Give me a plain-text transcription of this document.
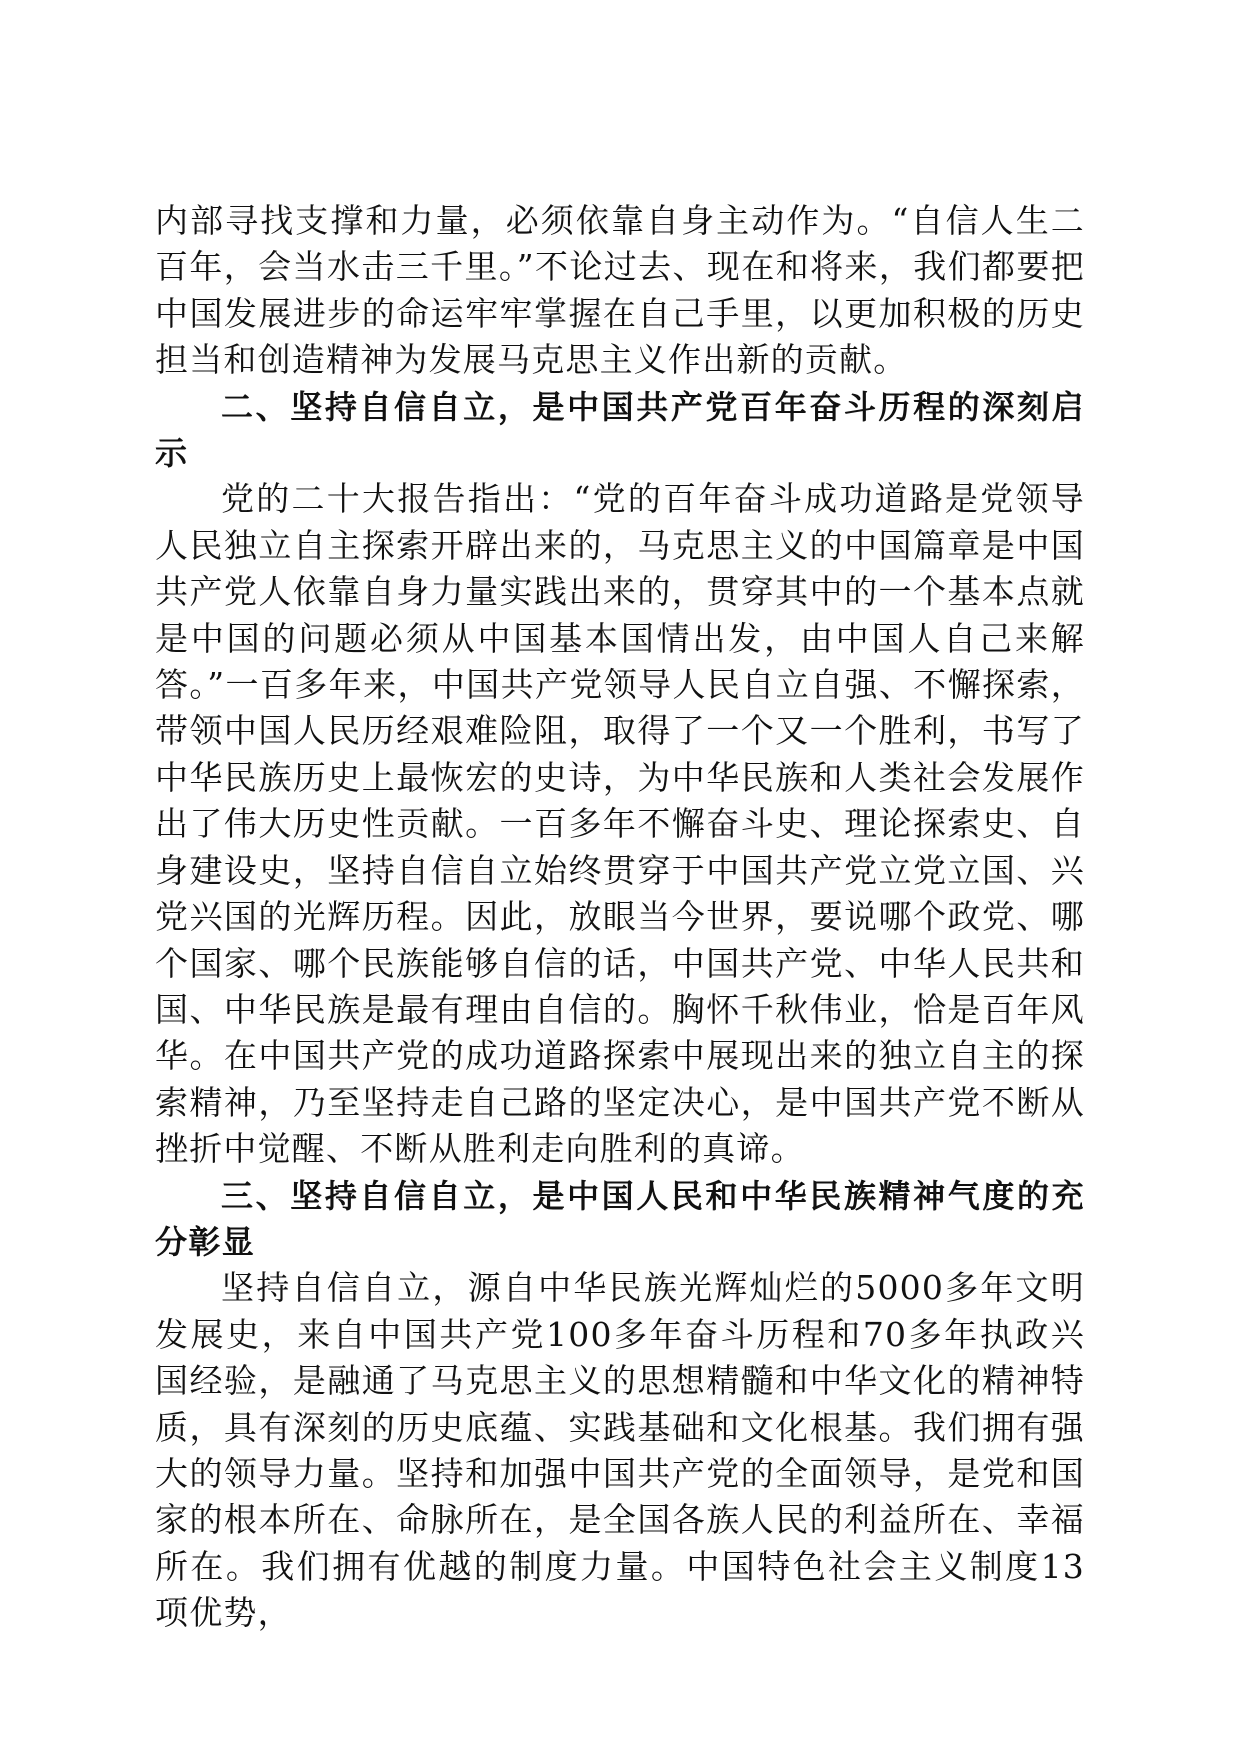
内部寻找支撑和力量，必须依靠自身主动作为。“自信人生二百年，会当水击三千里。”不论过去、现在和将来，我们都要把中国发展进步的命运牢牢掌握在自己手里，以更加积极的历史担当和创造精神为发展马克思主义作出新的贡献。

二、坚持自信自立，是中国共产党百年奋斗历程的深刻启示

党的二十大报告指出：“党的百年奋斗成功道路是党领导人民独立自主探索开辟出来的，马克思主义的中国篇章是中国共产党人依靠自身力量实践出来的，贯穿其中的一个基本点就是中国的问题必须从中国基本国情出发，由中国人自己来解答。”一百多年来，中国共产党领导人民自立自强、不懈探索，带领中国人民历经艰难险阻，取得了一个又一个胜利，书写了中华民族历史上最恢宏的史诗，为中华民族和人类社会发展作出了伟大历史性贡献。一百多年不懈奋斗史、理论探索史、自身建设史，坚持自信自立始终贯穿于中国共产党立党立国、兴党兴国的光辉历程。因此，放眼当今世界，要说哪个政党、哪个国家、哪个民族能够自信的话，中国共产党、中华人民共和国、中华民族是最有理由自信的。胸怀千秋伟业，恰是百年风华。在中国共产党的成功道路探索中展现出来的独立自主的探索精神，乃至坚持走自己路的坚定决心，是中国共产党不断从挫折中觉醒、不断从胜利走向胜利的真谛。

三、坚持自信自立，是中国人民和中华民族精神气度的充分彰显

坚持自信自立，源自中华民族光辉灿烂的5000多年文明发展史，来自中国共产党100多年奋斗历程和70多年执政兴国经验，是融通了马克思主义的思想精髓和中华文化的精神特质，具有深刻的历史底蕴、实践基础和文化根基。我们拥有强大的领导力量。坚持和加强中国共产党的全面领导，是党和国家的根本所在、命脉所在，是全国各族人民的利益所在、幸福所在。我们拥有优越的制度力量。中国特色社会主义制度13项优势，
